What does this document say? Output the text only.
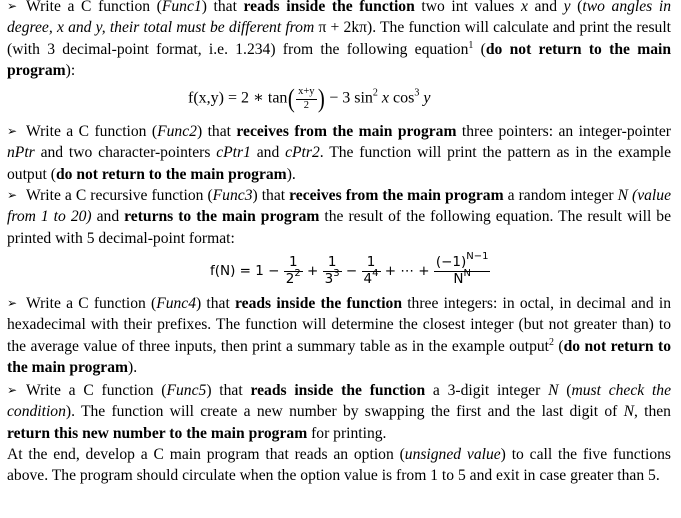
➢ Write a C function (Func1) that reads inside the function two int values x and y (two angles in degree, x and y, their total must be different from π + 2kπ). The function will calculate and print the result (with 3 decimal-point format, i.e. 1.234) from the following equation$^1$ (do not return to the main program):

f(x,y) = 2 ∗ $\tan( \frac{x+y}{2}$ ) − 3 $\sin^2 x$ $\cos^3 y$

➢ Write a C function (Func2) that receives from the main program three pointers: an integer-pointer nPtr and two character-pointers cPtr1 and cPtr2. The function will print the pattern as in the example output (do not return to the main program).

➢ Write a C recursive function (Func3) that receives from the main program a random integer N (value from 1 to 20) and returns to the main program the result of the following equation. The result will be printed with 5 decimal-point format:

$f(N) = 1 - \frac{1}{2^2} + \frac{1}{3^3} - \frac{1}{4^4}$ + ⋯ + $\frac{(-1)^{N-1}}{N^N}$

➢ Write a C function (Func4) that reads inside the function three integers: in octal, in decimal and in hexadecimal with their prefixes. The function will determine the closest integer (but not greater than) to the average value of three inputs, then print a summary table as in the example output$^2$ (do not return to the main program).

➢ Write a C function (Func5) that reads inside the function a 3-digit integer N (must check the condition). The function will create a new number by swapping the first and the last digit of N, then return this new number to the main program for printing.

At the end, develop a C main program that reads an option (unsigned value) to call the five functions above. The program should circulate when the option value is from 1 to 5 and exit in case greater than 5.
